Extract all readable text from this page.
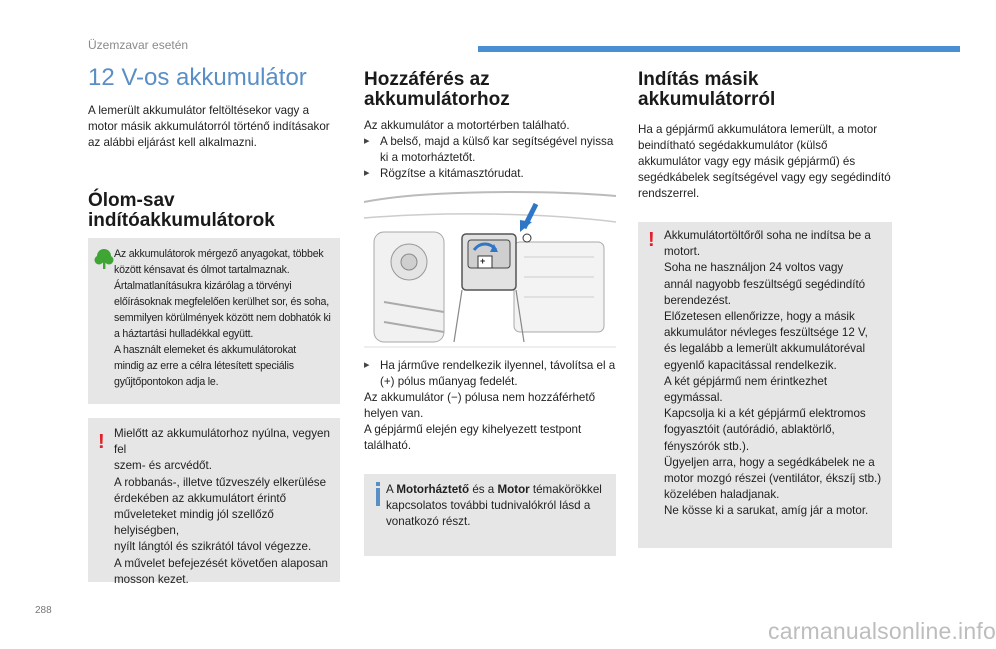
Üzemzavar esetén
12 V-os akkumulátor

A lemerült akkumulátor feltöltésekor vagy a motor másik akkumulátorról történő indításakor az alábbi eljárást kell alkalmazni.

Ólom-sav indítóakkumulátorok
Az akkumulátorok mérgező anyagokat, többek
között kénsavat és ólmot tartalmaznak.
Ártalmatlanításukra kizárólag a törvényi
előírásoknak megfelelően kerülhet sor, és soha,
semmilyen körülmények között nem dobhatók ki
a háztartási hulladékkal együtt.
A használt elemeket és akkumulátorokat
mindig az erre a célra létesített speciális
gyűjtőpontokon adja le.
! Mielőtt az akkumulátorhoz nyúlna, vegyen fel
szem- és arcvédőt.
A robbanás-, illetve tűzveszély elkerülése
érdekében az akkumulátort érintő
műveleteket mindig jól szellőző helyiségben,
nyílt lángtól és szikrától távol végezze.
A művelet befejezését követően alaposan
mosson kezet.
Hozzáférés az akkumulátorhoz

Az akkumulátor a motortérben található.

▸ A belső, majd a külső kar segítségével nyissa ki a motorháztetőt.

▸ Rögzítse a kitámasztórudat.

+
▸ Ha járműve rendelkezik ilyennel, távolítsa el a (+) pólus műanyag fedelét.

Az akkumulátor (−) pólusa nem hozzáférhető
helyen van.
A gépjármű elején egy kihelyezett testpont
található.
A Motorháztető és a Motor témakörökkel kapcsolatos további tudnivalókról lásd a vonatkozó részt.
Indítás másik akkumulátorról

Ha a gépjármű akkumulátora lemerült, a motor beindítható segédakkumulátor (külső akkumulátor vagy egy másik gépjármű) és segédkábelek segítségével vagy egy segédindító rendszerrel.

! Akkumulátortöltőről soha ne indítsa be a
motort.
Soha ne használjon 24 voltos vagy
annál nagyobb feszültségű segédindító
berendezést.
Előzetesen ellenőrizze, hogy a másik
akkumulátor névleges feszültsége 12 V,
és legalább a lemerült akkumulátoréval
egyenlő kapacitással rendelkezik.
A két gépjármű nem érintkezhet
egymással.
Kapcsolja ki a két gépjármű elektromos
fogyasztóit (autórádió, ablaktörlő,
fényszórók stb.).
Ügyeljen arra, hogy a segédkábelek ne a
motor mozgó részei (ventilátor, ékszíj stb.)
közelében haladjanak.
Ne kösse ki a sarukat, amíg jár a motor.
288
carmanualsonline.info
